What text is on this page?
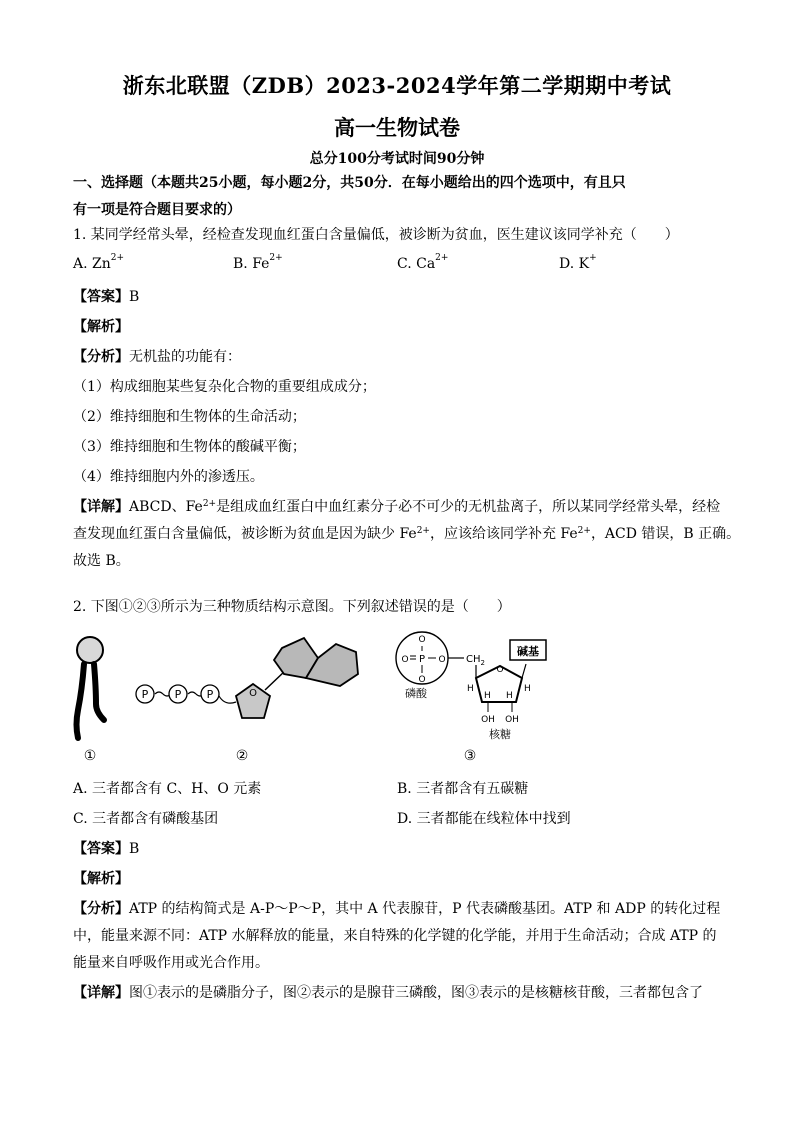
浙东北联盟（ZDB）2023-2024学年第二学期期中考试
高一生物试卷
总分100分考试时间90分钟
一、选择题（本题共25小题，每小题2分，共50分．在每小题给出的四个选项中，有且只
有一项是符合题目要求的）
1. 某同学经常头晕，经检查发现血红蛋白含量偏低，被诊断为贫血，医生建议该同学补充（　　）
A. $Zn^{2+}$	B. $Fe^{2+}$	C. $Ca^{2+}$	D. K+
【答案】B
【解析】
【分析】无机盐的功能有：
（1）构成细胞某些复杂化合物的重要组成成分；
（2）维持细胞和生物体的生命活动；
（3）维持细胞和生物体的酸碱平衡；
（4）维持细胞内外的渗透压。
【详解】ABCD、$Fe^{2+}$是组成血红蛋白中血红素分子必不可少的无机盐离子，所以某同学经常头晕，经检
查发现血红蛋白含量偏低，被诊断为贫血是因为缺少 $Fe^{2+}$，应该给该同学补充 $Fe^{2+}$，ACD 错误，B 正确。
故选 B。
2. 下图①②③所示为三种物质结构示意图。下列叙述错误的是（　　）
①
P P P	O
②
O
O
O P O $CH_2$
磷酸
O
H	H
H H
OH OH
核糖
碱基
③
A. 三者都含有 C、H、O 元素	B. 三者都含有五碳糖
C. 三者都含有磷酸基团	D. 三者都能在线粒体中找到
【答案】B
【解析】
【分析】ATP 的结构简式是 A-P～P～P，其中 A 代表腺苷，P 代表磷酸基团。ATP 和 ADP 的转化过程
中，能量来源不同：ATP 水解释放的能量，来自特殊的化学键的化学能，并用于生命活动；合成 ATP 的
能量来自呼吸作用或光合作用。
【详解】图①表示的是磷脂分子，图②表示的是腺苷三磷酸，图③表示的是核糖核苷酸，三者都包含了
